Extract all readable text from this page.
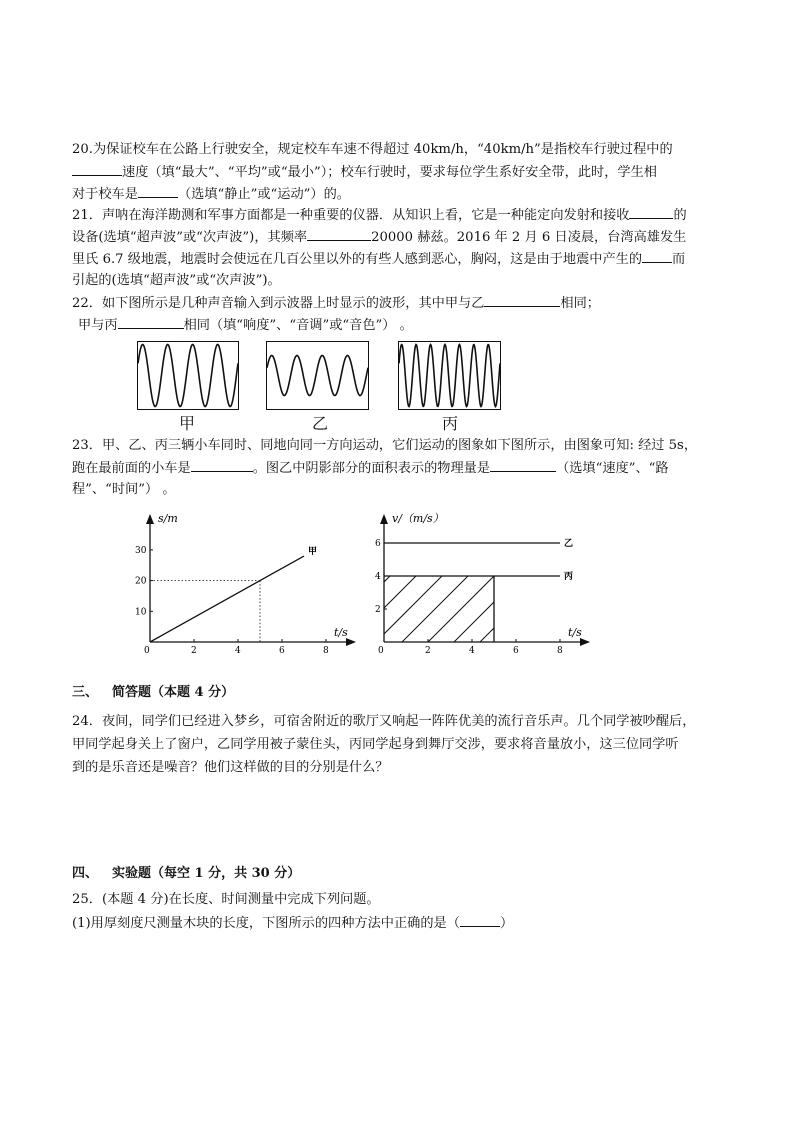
20.为保证校车在公路上行驶安全，规定校车车速不得超过 40km/h，“40km/h”是指校车行驶过程中的
速度（填“最大”、“平均”或“最小”）；校车行驶时，要求每位学生系好安全带，此时，学生相
对于校车是	（选填“静止”或“运动”）的。
21．声呐在海洋勘测和军事方面都是一种重要的仪器．从知识上看，它是一种能定向发射和接收	的
设备(选填“超声波”或“次声波”)，其频率	20000 赫兹。2016 年 2 月 6 日凌晨，台湾高雄发生
里氏 6.7 级地震，地震时会使远在几百公里以外的有些人感到恶心，胸闷，这是由于地震中产生的 而
引起的(选填“超声波”或“次声波”)。
22．如下图所示是几种声音输入到示波器上时显示的波形，其中甲与乙	相同；
甲与丙	相同（填“响度”、“音调”或“音色”） 。
甲	乙	丙
23．甲、乙、丙三辆小车同时、同地向同一方向运动，它们运动的图象如下图所示，由图象可知: 经过 5s，
跑在最前面的小车是	。图乙中阴影部分的面积表示的物理量是	（选填“速度”、“路
程”、“时间”） 。
s/m
t/s
0	2	4	6	8
10
20
30	甲
v/（m/s）
t/s
0	2	4	6	8
2
4
6	乙
丙
三、 简答题（本题 4 分）
24．夜间，同学们已经进入梦乡，可宿舍附近的歌厅又响起一阵阵优美的流行音乐声。几个同学被吵醒后，
甲同学起身关上了窗户，乙同学用被子蒙住头，丙同学起身到舞厅交涉，要求将音量放小，这三位同学听
到的是乐音还是噪音？他们这样做的目的分别是什么？
四、 实验题（每空 1 分，共 30 分）
25．(本题 4 分)在长度、时间测量中完成下列问题。
(1)用厚刻度尺测量木块的长度，下图所示的四种方法中正确的是（	）
